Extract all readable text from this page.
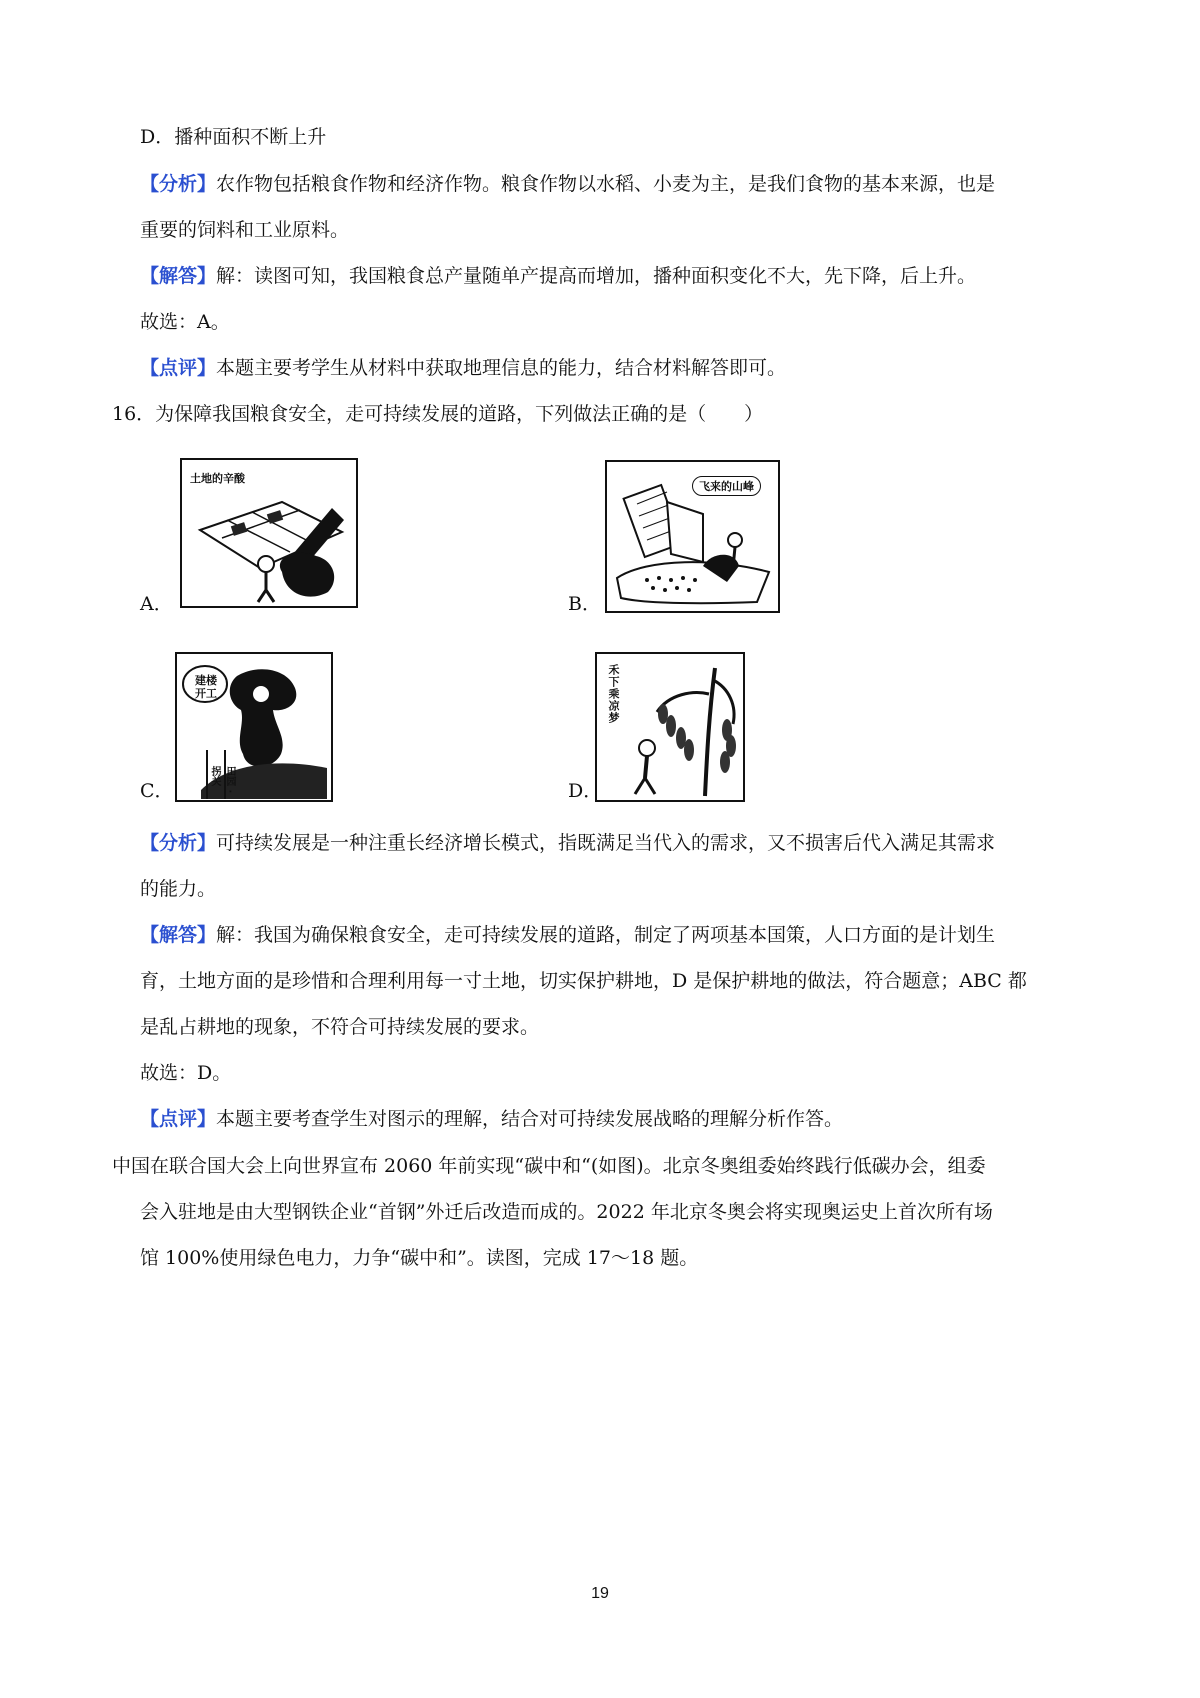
D．播种面积不断上升
【分析】农作物包括粮食作物和经济作物。粮食作物以水稻、小麦为主，是我们食物的基本来源，也是
重要的饲料和工业原料。
【解答】解：读图可知，我国粮食总产量随单产提高而增加，播种面积变化不大，先下降，后上升。
故选：A。
【点评】本题主要考学生从材料中获取地理信息的能力，结合材料解答即可。
16．为保障我国粮食安全，走可持续发展的道路，下列做法正确的是（　　）
土地的辛酸
A．
飞来的山峰
B．
建楼开工
田园 · 拐关
C．
禾下乘凉梦
D．
【分析】可持续发展是一种注重长经济增长模式，指既满足当代入的需求，又不损害后代入满足其需求
的能力。
【解答】解：我国为确保粮食安全，走可持续发展的道路，制定了两项基本国策，人口方面的是计划生
育，土地方面的是珍惜和合理利用每一寸土地，切实保护耕地，D 是保护耕地的做法，符合题意；ABC 都
是乱占耕地的现象，不符合可持续发展的要求。
故选：D。
【点评】本题主要考查学生对图示的理解，结合对可持续发展战略的理解分析作答。
中国在联合国大会上向世界宣布 2060 年前实现“碳中和“(如图)。北京冬奥组委始终践行低碳办会，组委
会入驻地是由大型钢铁企业“首钢”外迁后改造而成的。2022 年北京冬奥会将实现奥运史上首次所有场
馆 100%使用绿色电力，力争“碳中和”。读图，完成 17～18 题。
19
